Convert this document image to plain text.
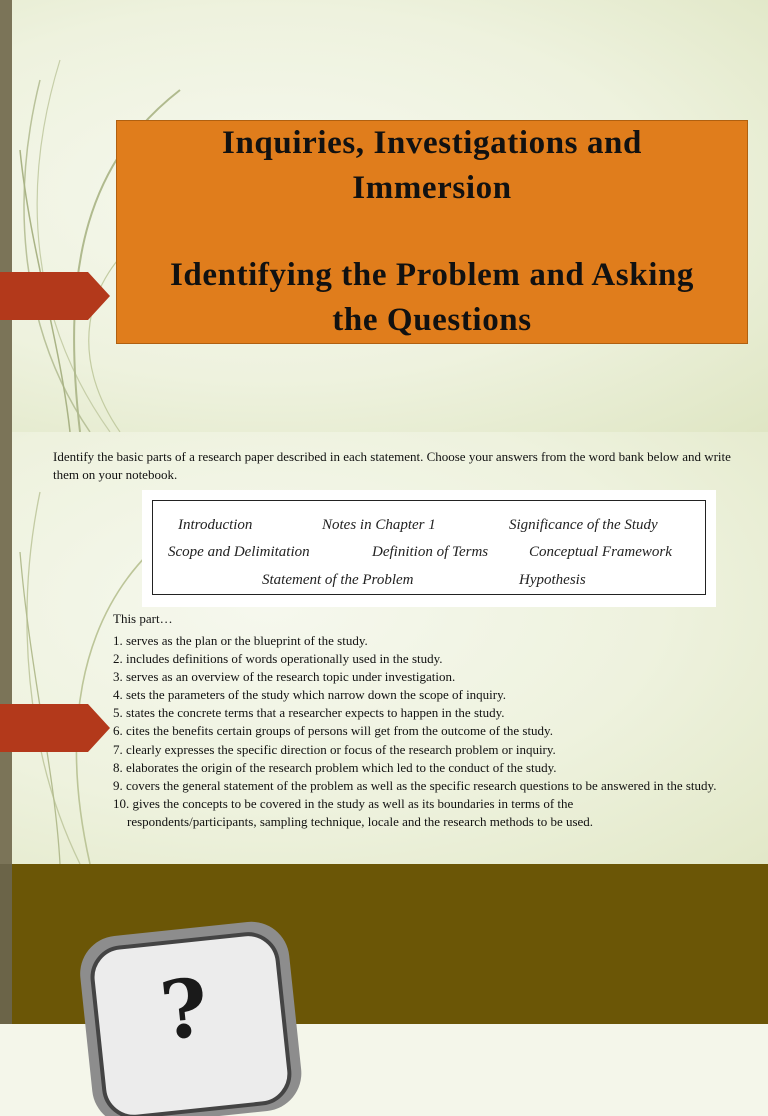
Inquiries, Investigations and
Immersion
Identifying the Problem and Asking
the Questions
Identify the basic parts of a research paper described in each statement. Choose your answers from the word bank below and write them on your notebook.
Introduction	Notes in Chapter 1	Significance of the Study
Scope and Delimitation	Definition of Terms	Conceptual Framework
Statement of the Problem	Hypothesis
This part…
1. serves as the plan or the blueprint of the study.
2. includes definitions of words operationally used in the study.
3. serves as an overview of the research topic under investigation.
4. sets the parameters of the study which narrow down the scope of inquiry.
5. states the concrete terms that a researcher expects to happen in the study.
6. cites the benefits certain groups of persons will get from the outcome of the study.
7. clearly expresses the specific direction or focus of the research problem or inquiry.
8. elaborates the origin of the research problem which led to the conduct of the study.
9. covers the general statement of the problem as well as the specific research questions to be answered in the study.
10. gives the concepts to be covered in the study as well as its boundaries in terms of the
respondents/participants, sampling technique, locale and the research methods to be used.
?
